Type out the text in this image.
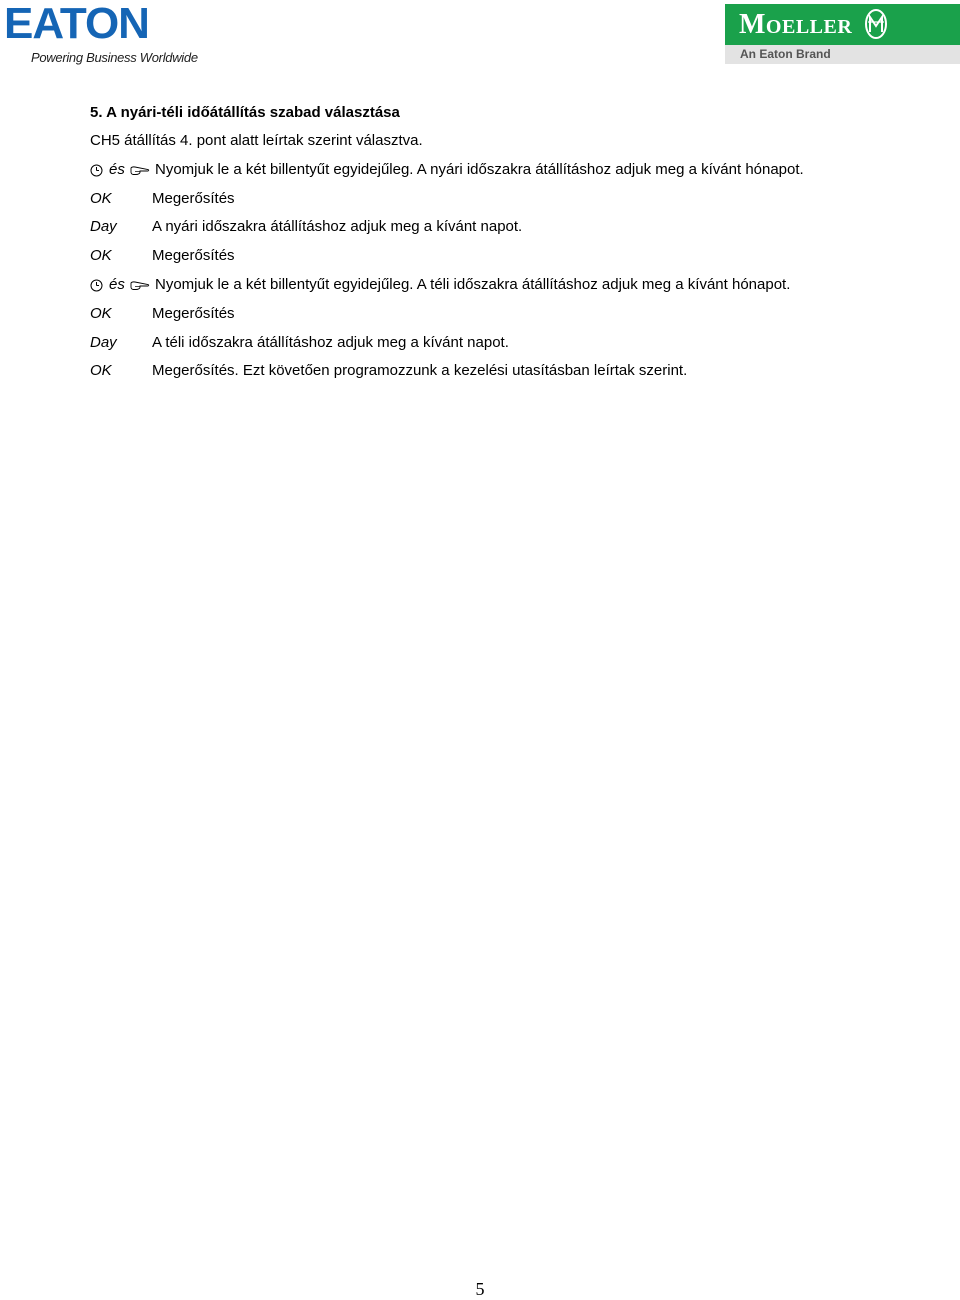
EATON
Powering Business Worldwide
Moeller
An Eaton Brand
5. A nyári-téli időátállítás szabad választása
CH5 átállítás 4. pont alatt leírtak szerint választva.
és Nyomjuk le a két billentyűt egyidejűleg. A nyári időszakra átállításhoz adjuk meg a kívánt hónapot.
OK	Megerősítés
Day A nyári időszakra átállításhoz adjuk meg a kívánt napot.
OK	Megerősítés
és Nyomjuk le a két billentyűt egyidejűleg. A téli időszakra átállításhoz adjuk meg a kívánt hónapot.
OK	Megerősítés
Day A téli időszakra átállításhoz adjuk meg a kívánt napot.
OK	Megerősítés. Ezt követően programozzunk a kezelési utasításban leírtak szerint.
5
